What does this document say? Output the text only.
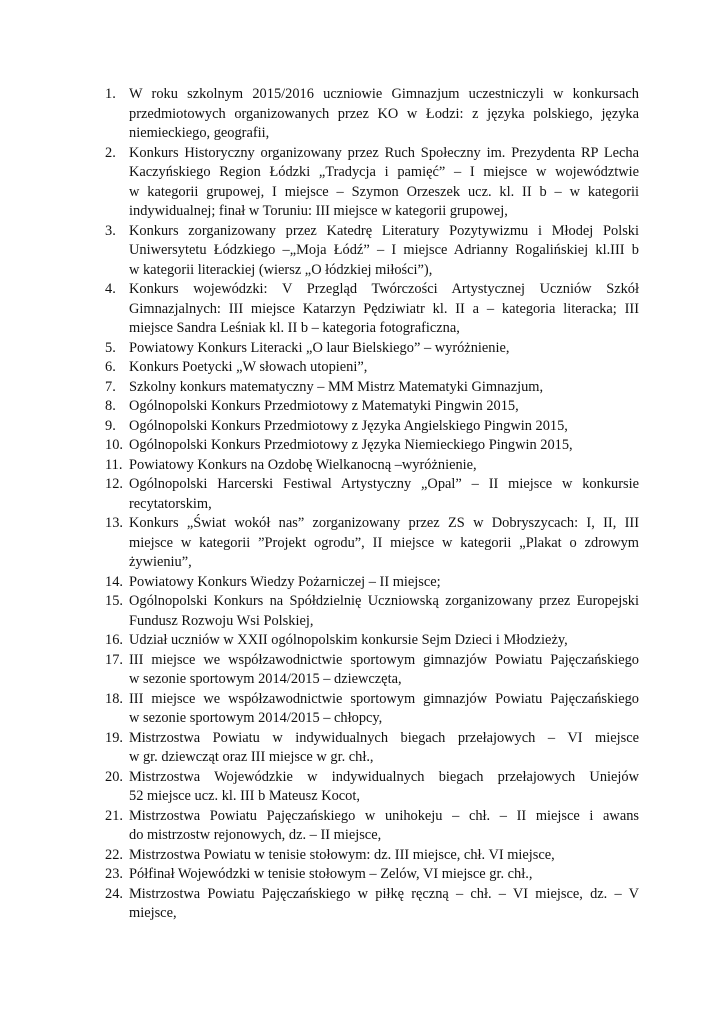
1. W roku szkolnym 2015/2016 uczniowie Gimnazjum uczestniczyli w konkursach
przedmiotowych organizowanych przez KO w Łodzi: z języka polskiego, języka
niemieckiego, geografii,
2. Konkurs Historyczny organizowany przez Ruch Społeczny im. Prezydenta RP Lecha
Kaczyńskiego Region Łódzki „Tradycja i pamięć” – I miejsce w województwie
w kategorii grupowej, I miejsce – Szymon Orzeszek ucz. kl. II b – w kategorii
indywidualnej; finał w Toruniu: III miejsce w kategorii grupowej,
3. Konkurs zorganizowany przez Katedrę Literatury Pozytywizmu i Młodej Polski
Uniwersytetu Łódzkiego –„Moja Łódź” – I miejsce Adrianny Rogalińskiej kl.III b
w kategorii literackiej (wiersz „O łódzkiej miłości”),
4. Konkurs wojewódzki: V Przegląd Twórczości Artystycznej Uczniów Szkół
Gimnazjalnych: III miejsce Katarzyn Pędziwiatr kl. II a – kategoria literacka; III
miejsce Sandra Leśniak kl. II b – kategoria fotograficzna,
5. Powiatowy Konkurs Literacki „O laur Bielskiego” – wyróżnienie,
6. Konkurs Poetycki „W słowach utopieni”,
7. Szkolny konkurs matematyczny – MM Mistrz Matematyki Gimnazjum,
8. Ogólnopolski Konkurs Przedmiotowy z Matematyki Pingwin 2015,
9. Ogólnopolski Konkurs Przedmiotowy z Języka Angielskiego Pingwin 2015,
10. Ogólnopolski Konkurs Przedmiotowy z Języka Niemieckiego Pingwin 2015,
11. Powiatowy Konkurs na Ozdobę Wielkanocną –wyróżnienie,
12. Ogólnopolski Harcerski Festiwal Artystyczny „Opal” – II miejsce w konkursie
recytatorskim,
13. Konkurs „Świat wokół nas” zorganizowany przez ZS w Dobryszycach: I, II, III
miejsce w kategorii ”Projekt ogrodu”, II miejsce w kategorii „Plakat o zdrowym
żywieniu”,
14. Powiatowy Konkurs Wiedzy Pożarniczej – II miejsce;
15. Ogólnopolski Konkurs na Spółdzielnię Uczniowską zorganizowany przez Europejski
Fundusz Rozwoju Wsi Polskiej,
16. Udział uczniów w XXII ogólnopolskim konkursie Sejm Dzieci i Młodzieży,
17. III miejsce we współzawodnictwie sportowym gimnazjów Powiatu Pajęczańskiego
w sezonie sportowym 2014/2015 – dziewczęta,
18. III miejsce we współzawodnictwie sportowym gimnazjów Powiatu Pajęczańskiego
w sezonie sportowym 2014/2015 – chłopcy,
19. Mistrzostwa Powiatu w indywidualnych biegach przełajowych – VI miejsce
w gr. dziewcząt oraz III miejsce w gr. chł.,
20. Mistrzostwa Wojewódzkie w indywidualnych biegach przełajowych Uniejów
52 miejsce ucz. kl. III b Mateusz Kocot,
21. Mistrzostwa Powiatu Pajęczańskiego w unihokeju – chł. – II miejsce i awans
do mistrzostw rejonowych, dz. – II miejsce,
22. Mistrzostwa Powiatu w tenisie stołowym: dz. III miejsce, chł. VI miejsce,
23. Półfinał Wojewódzki w tenisie stołowym – Zelów, VI miejsce gr. chł.,
24. Mistrzostwa Powiatu Pajęczańskiego w piłkę ręczną – chł. – VI miejsce, dz. – V
miejsce,
